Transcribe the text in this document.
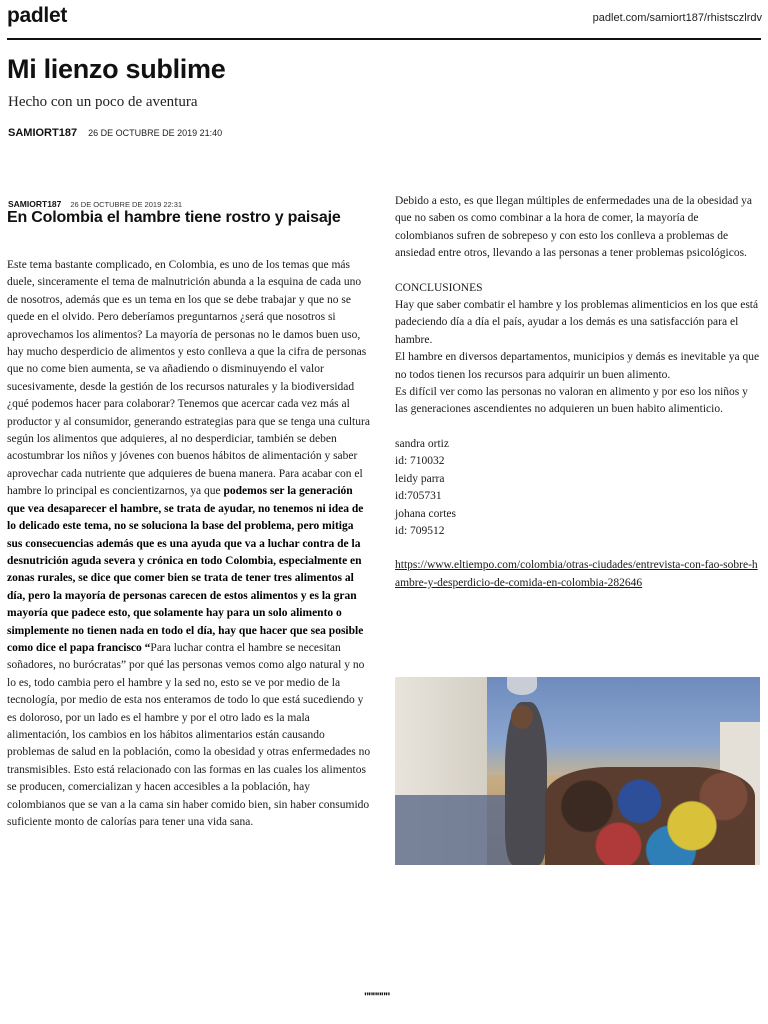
padlet	padlet.com/samiort187/rhistsczlrdv
Mi lienzo sublime
Hecho con un poco de aventura
SAMIORT187 26 DE OCTUBRE DE 2019 21:40
SAMIORT187 26 DE OCTUBRE DE 2019 22:31
En Colombia el hambre tiene rostro y paisaje
Este tema bastante complicado, en Colombia, es uno de los temas que más duele, sinceramente el tema de malnutrición abunda a la esquina de cada uno de nosotros, además que es un tema en los que se debe trabajar y que no se quede en el olvido. Pero deberíamos preguntarnos ¿será que nosotros si aprovechamos los alimentos? La mayoría de personas no le damos buen uso, hay mucho desperdicio de alimentos y esto conlleva a que la cifra de personas que no come bien aumenta, se va añadiendo o disminuyendo el valor sucesivamente, desde la gestión de los recursos naturales y la biodiversidad ¿qué podemos hacer para colaborar? Tenemos que acercar cada vez más al productor y al consumidor, generando estrategias para que se tenga una cultura según los alimentos que adquieres, al no desperdiciar, también se deben acostumbrar los niños y jóvenes con buenos hábitos de alimentación y saber aprovechar cada nutriente que adquieres de buena manera. Para acabar con el hambre lo principal es concientizarnos, ya que podemos ser la generación que vea desaparecer el hambre, se trata de ayudar, no tenemos ni idea de lo delicado este tema, no se soluciona la base del problema, pero mitiga sus consecuencias además que es una ayuda que va a luchar contra de la desnutrición aguda severa y crónica en todo Colombia, especialmente en zonas rurales, se dice que comer bien se trata de tener tres alimentos al día, pero la mayoría de personas carecen de estos alimentos y es la gran mayoría que padece esto, que solamente hay para un solo alimento o simplemente no tienen nada en todo el día, hay que hacer que sea posible como dice el papa francisco “Para luchar contra el hambre se necesitan soñadores, no burócratas” por qué las personas vemos como algo natural y no lo es, todo cambia pero el hambre y la sed no, esto se ve por medio de la tecnología, por medio de esta nos enteramos de todo lo que está sucediendo y es doloroso, por un lado es el hambre y por el otro lado es la mala alimentación, los cambios en los hábitos alimentarios están causando problemas de salud en la población, como la obesidad y otras enfermedades no transmisibles. Esto está relacionado con las formas en las cuales los alimentos se producen, comercializan y hacen accesibles a la población, hay colombianos que se van a la cama sin haber comido bien, sin haber consumido suficiente monto de calorías para tener una vida sana.

Debido a esto, es que llegan múltiples de enfermedades una de la obesidad ya que no saben os como combinar a la hora de comer, la mayoría de colombianos sufren de sobrepeso y con esto los conlleva a problemas de ansiedad entre otros, llevando a las personas a tener problemas psicológicos.

CONCLUSIONES

Hay que saber combatir el hambre y los problemas alimenticios en los que está padeciendo día a día el país, ayudar a los demás es una satisfacción para el hambre.

El hambre en diversos departamentos, municipios y demás es inevitable ya que no todos tienen los recursos para adquirir un buen alimento.

Es difícil ver como las personas no valoran en alimento y por eso los niños y las generaciones ascendientes no adquieren un buen habito alimenticio.

sandra ortiz

id: 710032

leidy parra

id:705731

johana cortes

id: 709512

https://www.eltiempo.com/colombia/otras-ciudades/entrevista-con-fao-sobre-hambre-y-desperdicio-de-comida-en-colombia-282646
""""""
